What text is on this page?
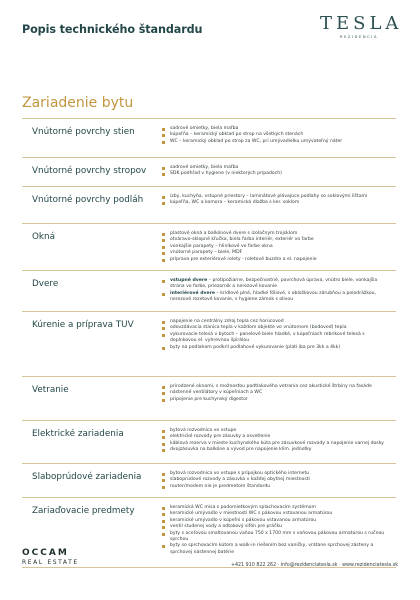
Popis technického štandardu	TESLA
REZIDENCIA
Zariadenie bytu
Vnútorné povrchy stien	sadrové omietky, biela maľba
kúpeľňa – keramický obklad po strop na všetkých stenách
WC – keramický obklad po strop za WC, pri umývadielku umývateľný náter
Vnútorné povrchy stropov	sadrové omietky, biela maľba
SDK podhľad v hygiene (v niektorých prípadoch)
Vnútorné povrchy podláh	izby, kuchyňa, vstupné priestory – laminátové plávajúce podlahy so soklovými lištami
kúpeľňa, WC a komora – keramická dlažba s ker. soklom
Okná	plastové okná a balkónové dvere s izolačným trojsklom
otváravo-sklopné kľučka, biela farba interiér, exteriér vo farbe
vonkajšie parapety – hliníkové vo farbe okna
vnútorné parapety – biele, MDF
príprava pre exteriérové rolety - roletové buzdro a el. napojenie
Dvere	vstupné dvere – protipožiarne, bezpečnostné, povrchová úprava, vnútro biele, vonkajšia strana vo farbe, priezorník a nerezové kovanie
interiérové dvere – kridlové plné, hladké fóliové, s obložkovou zárubňou a polodrážkou, nerezové rozetové kovanie, v hygiene zámok s olivou
Kúrenie a príprava TUV	napojenie na centrálny zdroj tepla cez horúcovod
odovzdávacia stanica tepla v každom objekte vo vnútornom (bodovod) tepla
vykurovacie telesá v bytoch – panelové biele hladké, v kúpeľniach rebríkové telesá s doplnkovou el. vyhrevnou špirálou
byty na podlahom podkrlí podlahové vykurovanie (platí iba pre 3kk a 4kk)
Vetranie	prirodzené oknami, s možnosťou podtlakového vetrania cez akustické štrbiny na fasáde
nástenné ventilátory v kúpeľniach a WC
pripojenie pre kuchynský digestor
Elektrické zariadenia	bytová rozvodnica vo vstupe
elektrické rozvody pre zásuvky a osvetlenie
káblová rezerva v mieste kuchynského kúta pre zásuvkové rozvody a napojenie varnej dosky
dvojzásuvka na balkóne a vývod pre napojenie klim. jednotky
Slaboprúdové zariadenia	bytová rozvodnica vo vstupe s prípojkou optického internetu
slaboprúdové rozvody a zásuvka v každej obytnej miestnosti
router/modem nie je predmetom štandardu
Zariaďovacie predmety	keramická WC misa s podomietkovým splachovacím systémom
keramické umývadlo v miestnosti WC s pákovou vstavanou armatúrou
keramické umývadlo v kúpeľni s pákovou vstavanou armatúrou
ventil studenej vody a odtokový sifón pre práčku
byty s oceľovou smaltovanou vaňou 750 x 1700 mm s vaňovou pákovou armatúrou s ručnou sprchou
byty so sprchovacím kútom a walk-in riešením bez vaničky, vrátane sprchovej zásteny a sprchovej nástennej batérie
OCCAM
REAL ESTATE	+421 910 822 262 · info@rezidenciatesla.sk · www.rezidenciatesla.sk
